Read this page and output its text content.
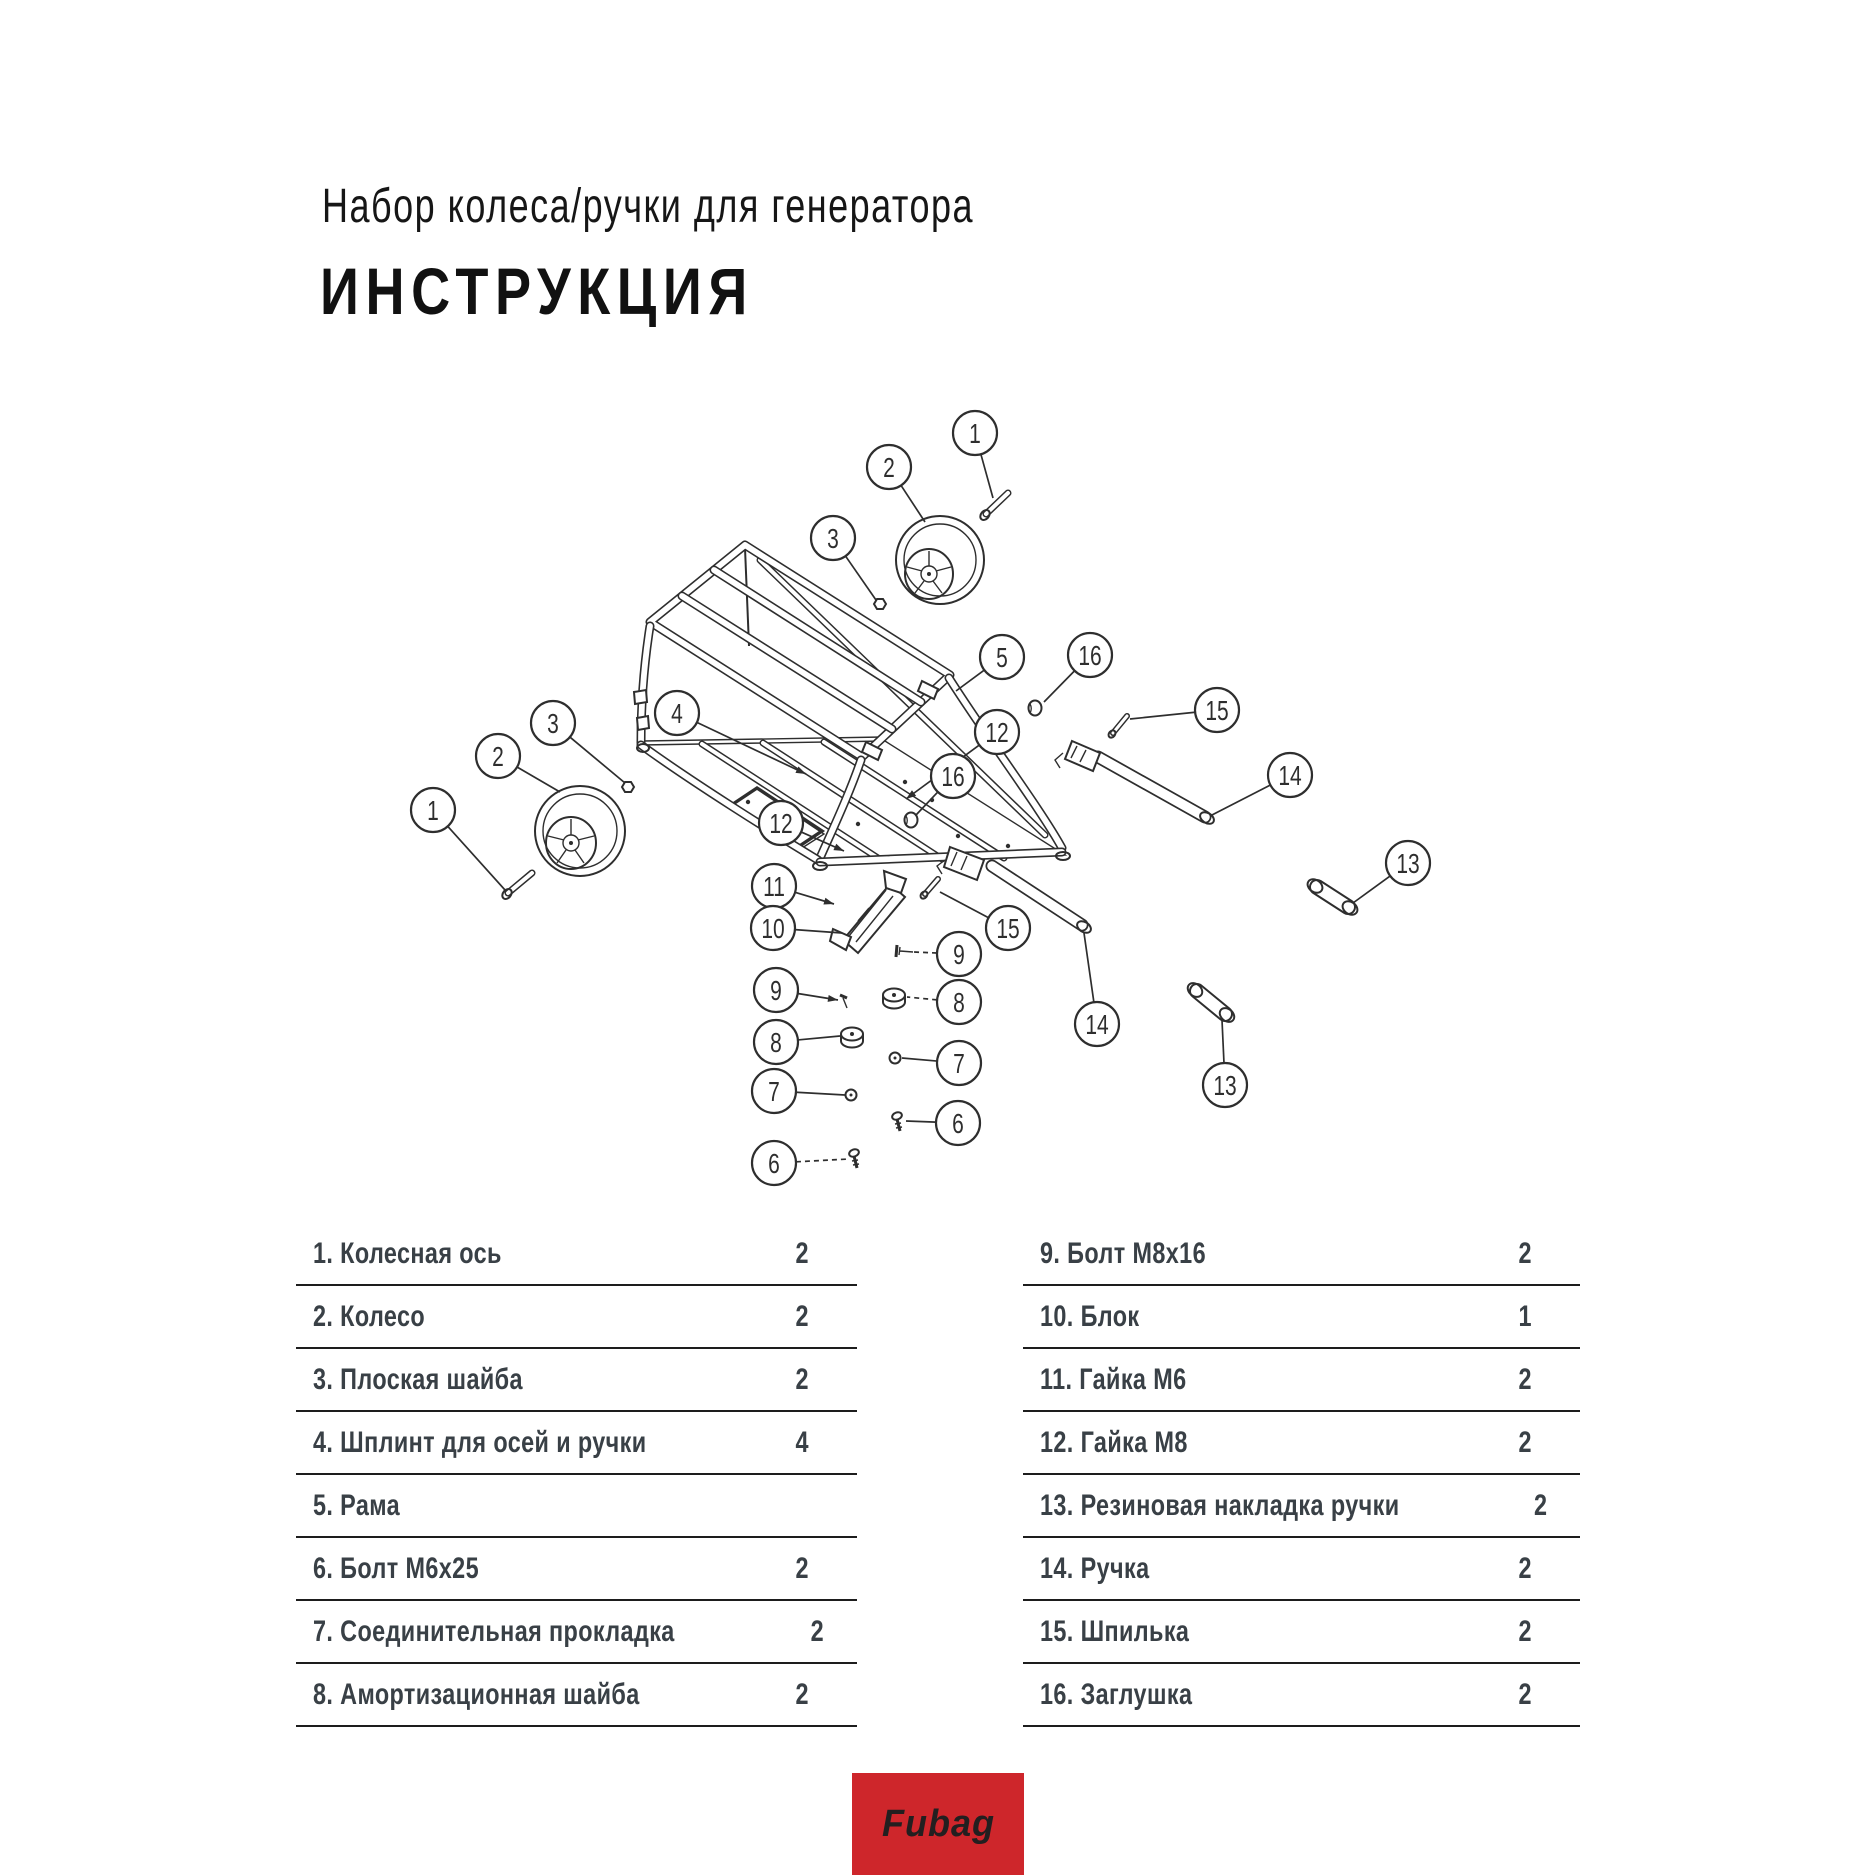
Набор колеса/ручки для генератора
ИНСТРУКЦИЯ
1
2
3
5
12
16
15
14
13
4
3
2
1	12
16
11
10	15
14
13
9
9	8
8
7
7
6
6
1. Колесная ось	2
2. Колесо	2
3. Плоская шайба	2
4. Шплинт для осей и ручки	4
5. Рама
6. Болт М6х25	2
7. Соединительная прокладка	2
8. Амортизационная шайба	2
9. Болт М8х16	2
10. Блок	1
11. Гайка М6	2
12. Гайка М8	2
13. Резиновая накладка ручки	2
14. Ручка	2
15. Шпилька	2
16. Заглушка	2
Fubag
